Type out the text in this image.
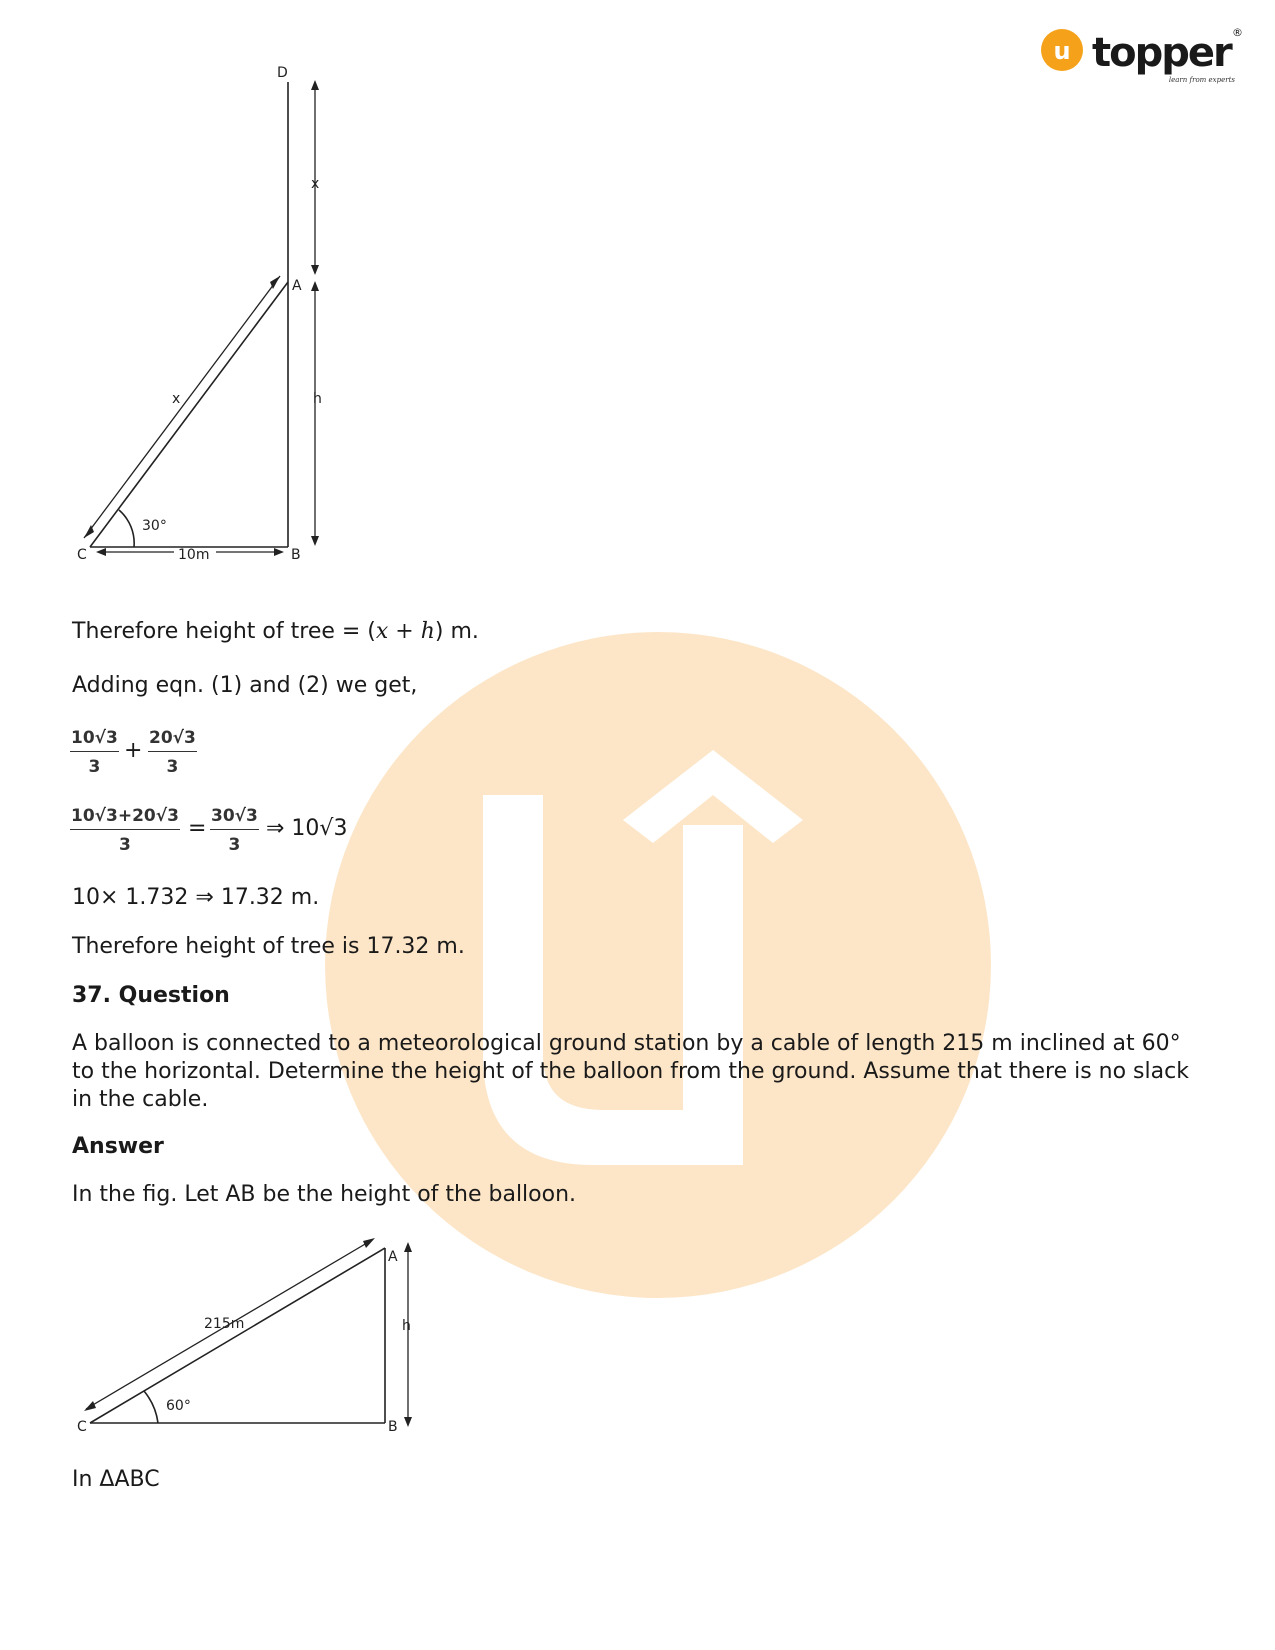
u topper ®
learn from experts
D
A
B
C
x
x	h
30°
10m
Therefore height of tree = (x + h) m.
Adding eqn. (1) and (2) we get,
$\frac{10√3}{3} + \frac{20√3}{3}$
$\frac{10√3+20√3}{3} = \frac{30√3}{3}$ ⇒ 10√3
10× 1.732 ⇒ 17.32 m.
Therefore height of tree is 17.32 m.
37. Question
A balloon is connected to a meteorological ground station by a cable of length 215 m inclined at 60° to the horizontal. Determine the height of the balloon from the ground. Assume that there is no slack in the cable.
Answer
In the fig. Let AB be the height of the balloon.
A
B
C
215m	h
60°
In ΔABC
